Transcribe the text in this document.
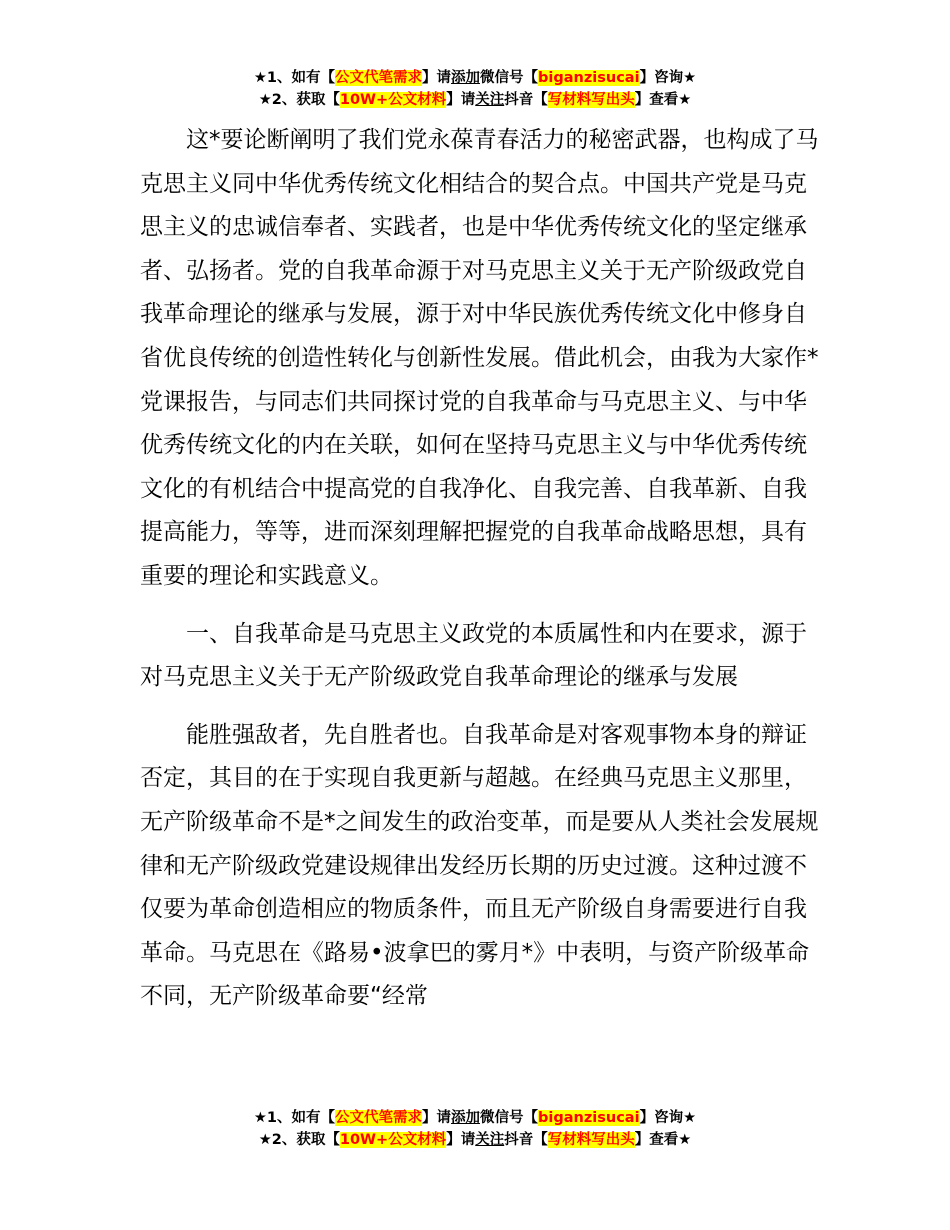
★1、如有【公文代笔需求】请添加微信号【biganzisucai】咨询★
★2、获取【10W+公文材料】请关注抖音【写材料写出头】查看★

这*要论断阐明了我们党永葆青春活力的秘密武器，也构成了马克思主义同中华优秀传统文化相结合的契合点。中国共产党是马克思主义的忠诚信奉者、实践者，也是中华优秀传统文化的坚定继承者、弘扬者。党的自我革命源于对马克思主义关于无产阶级政党自我革命理论的继承与发展，源于对中华民族优秀传统文化中修身自省优良传统的创造性转化与创新性发展。借此机会，由我为大家作*党课报告，与同志们共同探讨党的自我革命与马克思主义、与中华优秀传统文化的内在关联，如何在坚持马克思主义与中华优秀传统文化的有机结合中提高党的自我净化、自我完善、自我革新、自我提高能力，等等，进而深刻理解把握党的自我革命战略思想，具有重要的理论和实践意义。

一、自我革命是马克思主义政党的本质属性和内在要求，源于对马克思主义关于无产阶级政党自我革命理论的继承与发展

能胜强敌者，先自胜者也。自我革命是对客观事物本身的辩证否定，其目的在于实现自我更新与超越。在经典马克思主义那里，无产阶级革命不是*之间发生的政治变革，而是要从人类社会发展规律和无产阶级政党建设规律出发经历长期的历史过渡。这种过渡不仅要为革命创造相应的物质条件，而且无产阶级自身需要进行自我革命。马克思在《路易•波拿巴的雾月*》中表明，与资产阶级革命不同，无产阶级革命要“经常

★1、如有【公文代笔需求】请添加微信号【biganzisucai】咨询★
★2、获取【10W+公文材料】请关注抖音【写材料写出头】查看★
